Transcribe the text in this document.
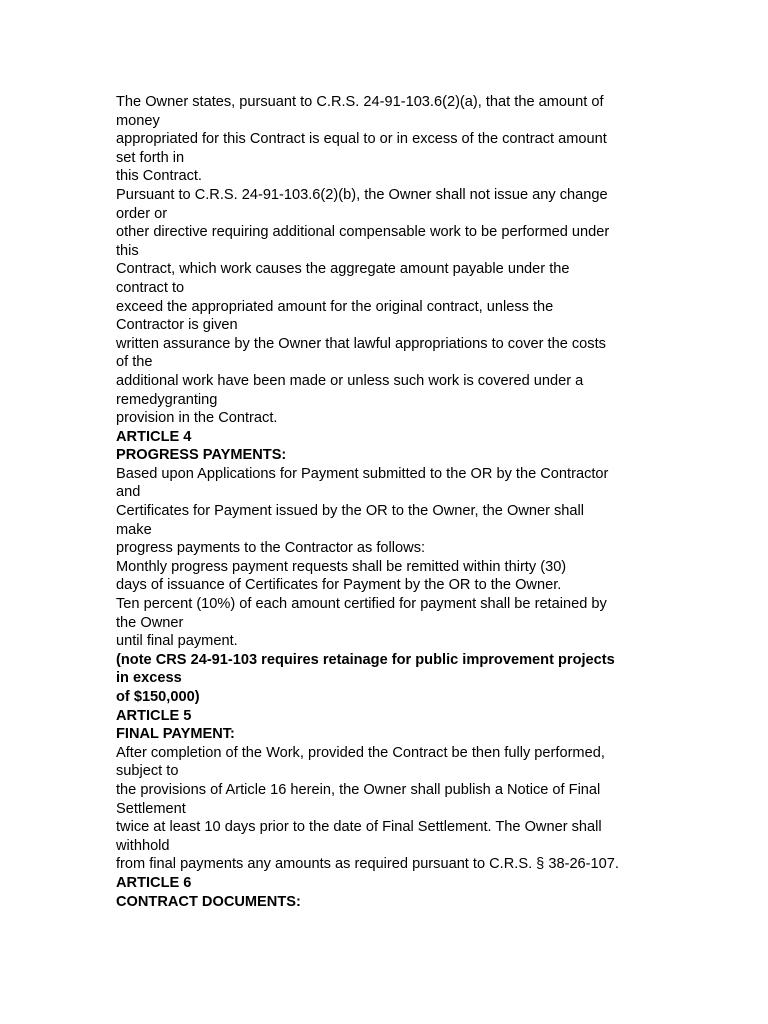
The Owner states, pursuant to C.R.S. 24-91-103.6(2)(a), that the amount of
money
appropriated for this Contract is equal to or in excess of the contract amount
set forth in
this Contract.
Pursuant to C.R.S. 24-91-103.6(2)(b), the Owner shall not issue any change
order or
other directive requiring additional compensable work to be performed under
this
Contract, which work causes the aggregate amount payable under the
contract to
exceed the appropriated amount for the original contract, unless the
Contractor is given
written assurance by the Owner that lawful appropriations to cover the costs
of the
additional work have been made or unless such work is covered under a
remedygranting
provision in the Contract.
ARTICLE 4
PROGRESS PAYMENTS:
Based upon Applications for Payment submitted to the OR by the Contractor
and
Certificates for Payment issued by the OR to the Owner, the Owner shall
make
progress payments to the Contractor as follows:
Monthly progress payment requests shall be remitted within thirty (30)
days of issuance of Certificates for Payment by the OR to the Owner.
Ten percent (10%) of each amount certified for payment shall be retained by
the Owner
until final payment.
(note CRS 24-91-103 requires retainage for public improvement projects
in excess
of $150,000)
ARTICLE 5
FINAL PAYMENT:
After completion of the Work, provided the Contract be then fully performed,
subject to
the provisions of Article 16 herein, the Owner shall publish a Notice of Final
Settlement
twice at least 10 days prior to the date of Final Settlement. The Owner shall
withhold
from final payments any amounts as required pursuant to C.R.S. § 38-26-107.
ARTICLE 6
CONTRACT DOCUMENTS:
